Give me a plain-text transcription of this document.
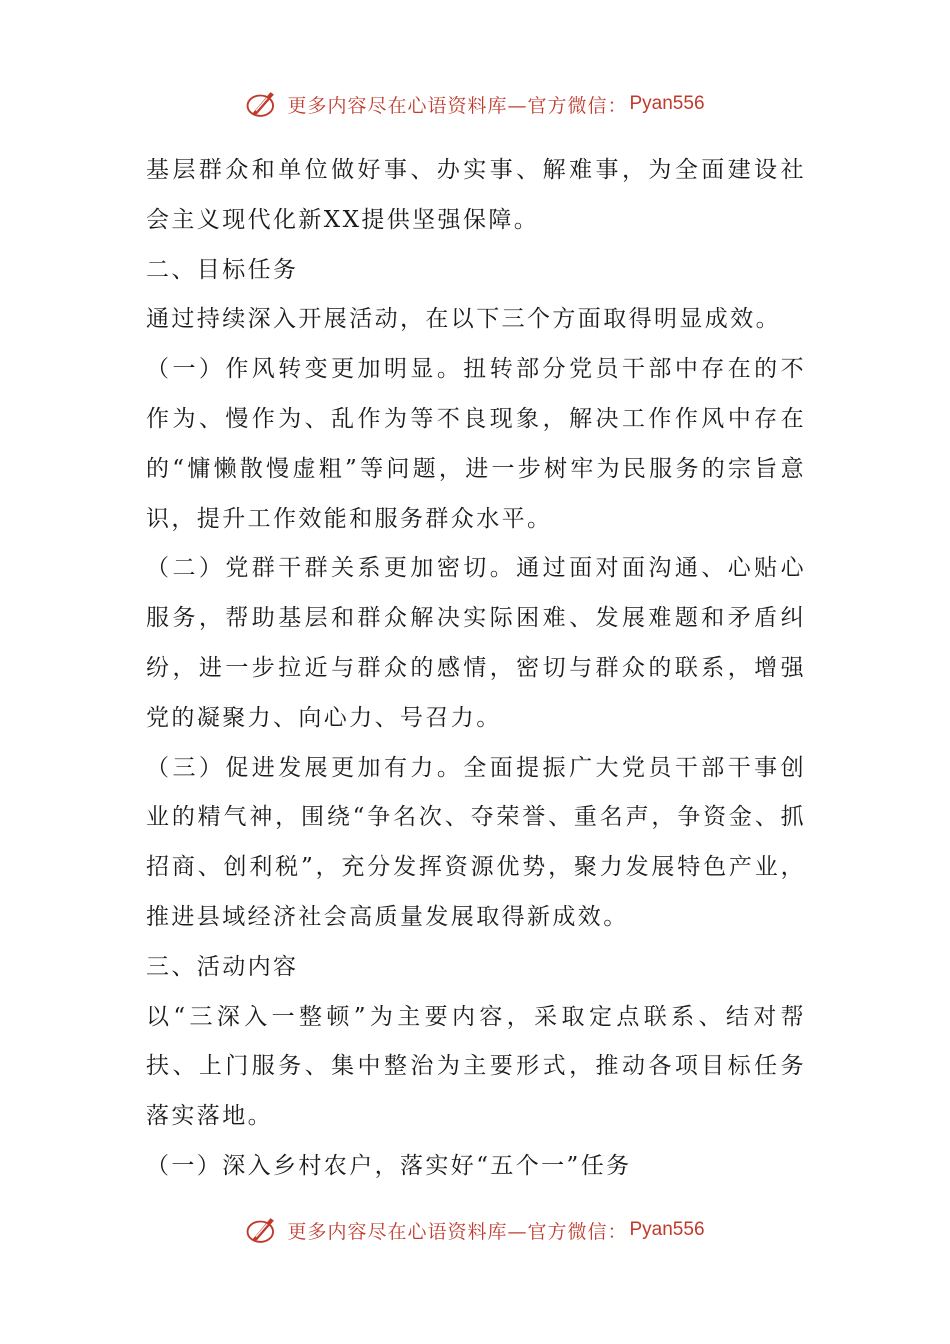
更多内容尽在心语资料库—官方微信： Pyan556

基层群众和单位做好事、办实事、解难事，为全面建设社会主义现代化新XX提供坚强保障。

二、目标任务

通过持续深入开展活动，在以下三个方面取得明显成效。

（一）作风转变更加明显。扭转部分党员干部中存在的不作为、慢作为、乱作为等不良现象，解决工作作风中存在的“慵懒散慢虚粗”等问题，进一步树牢为民服务的宗旨意识，提升工作效能和服务群众水平。

（二）党群干群关系更加密切。通过面对面沟通、心贴心服务，帮助基层和群众解决实际困难、发展难题和矛盾纠纷，进一步拉近与群众的感情，密切与群众的联系，增强党的凝聚力、向心力、号召力。

（三）促进发展更加有力。全面提振广大党员干部干事创业的精气神，围绕“争名次、夺荣誉、重名声，争资金、抓招商、创利税”，充分发挥资源优势，聚力发展特色产业，推进县域经济社会高质量发展取得新成效。

三、活动内容

以“三深入一整顿”为主要内容，采取定点联系、结对帮扶、上门服务、集中整治为主要形式，推动各项目标任务落实落地。

（一）深入乡村农户，落实好“五个一”任务

更多内容尽在心语资料库—官方微信： Pyan556
